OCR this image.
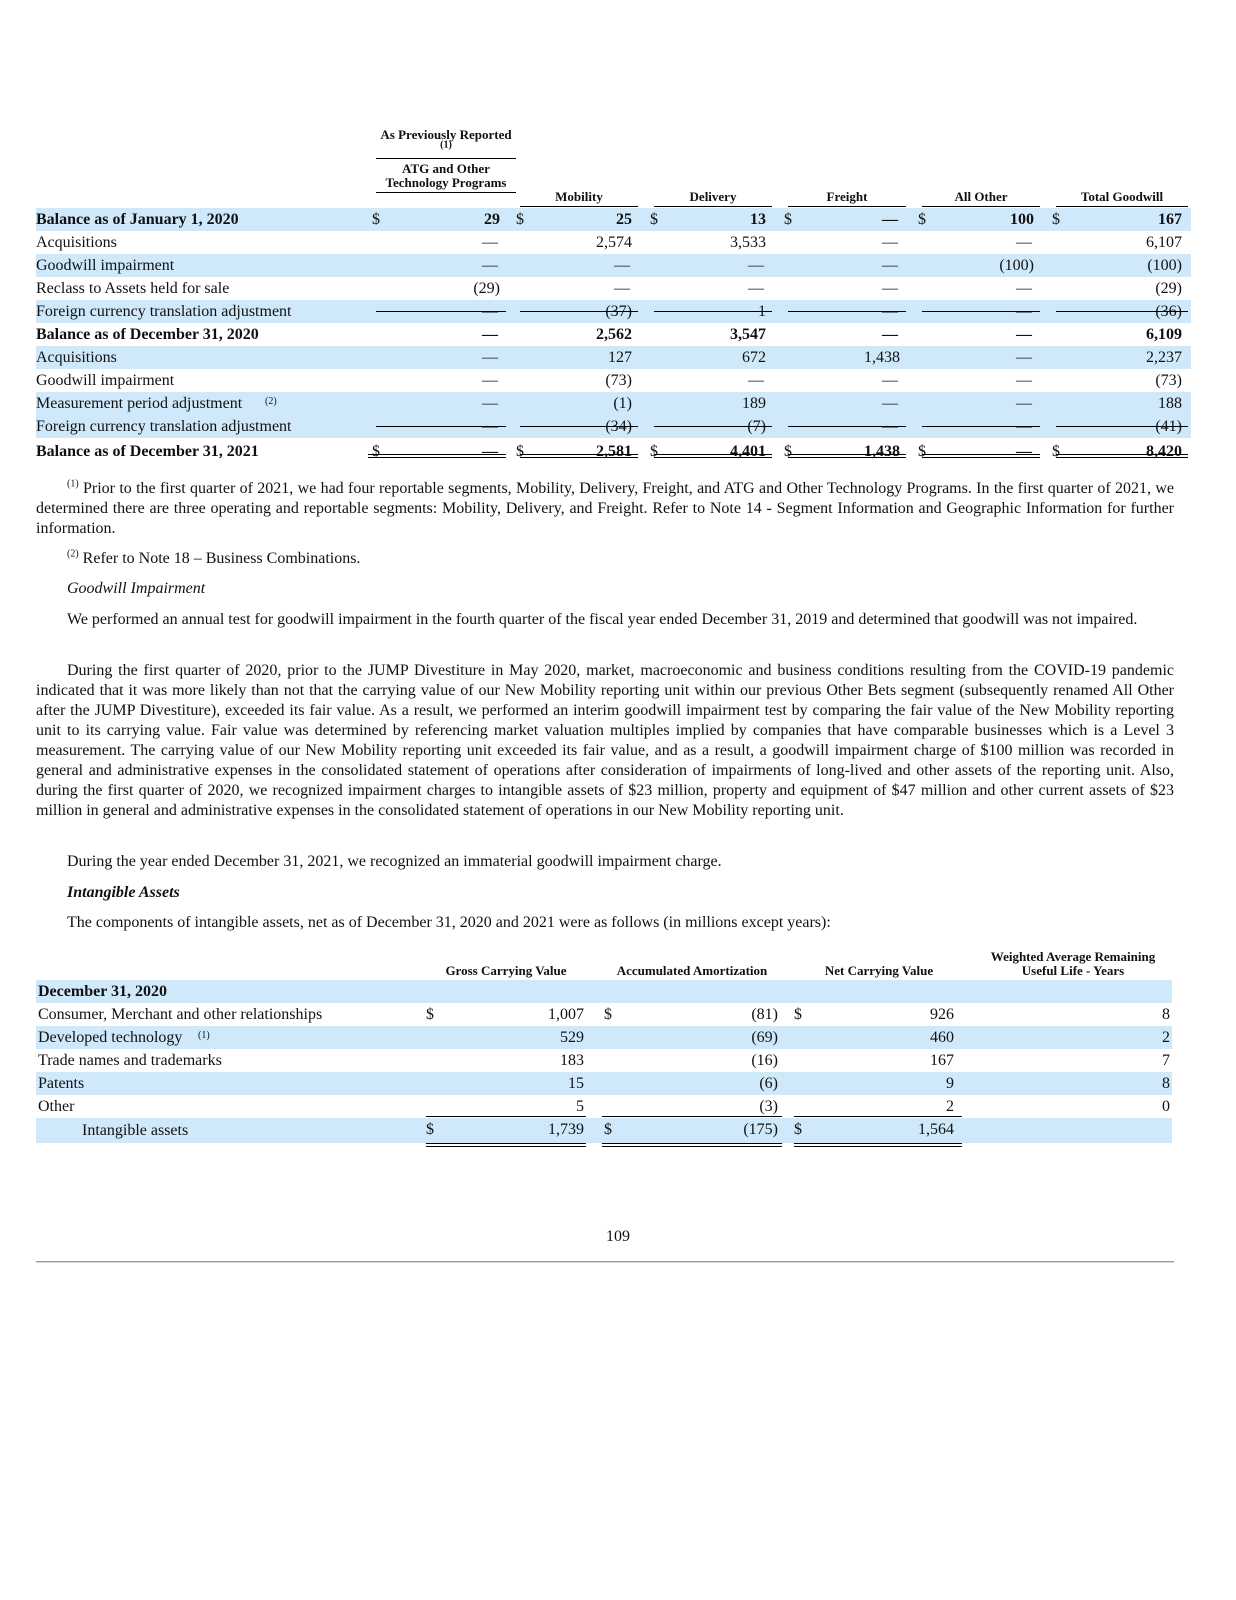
As Previously Reported $^{(1)}$
ATG and Other Technology Programs
Mobility	Delivery	Freight	All Other	Total Goodwill
Balance as of January 1, 2020	$	29 $	25 $	13 $	— $	100 $	167
Acquisitions	—	2,574	3,533	—	—	6,107
Goodwill impairment	—	—	—	—	(100)	(100)
Reclass to Assets held for sale	(29)	—	—	—	—	(29)
Foreign currency translation adjustment	—	(37)	1	—	—	(36)
Balance as of December 31, 2020	—	2,562	3,547	—	—	6,109
Acquisitions	—	127	672	1,438	—	2,237
Goodwill impairment	—	(73)	—	—	—	(73)
Measurement period adjustment (2)	—	(1)	189	—	—	188
Foreign currency translation adjustment	—	(34)	(7)	—	—	(41)
Balance as of December 31, 2021	$	— $	2,581 $	4,401 $	1,438 $	— $	8,420
$^{(1)}$ Prior to the first quarter of 2021, we had four reportable segments, Mobility, Delivery, Freight, and ATG and Other Technology Programs. In the first quarter of 2021, we determined there are three operating and reportable segments: Mobility, Delivery, and Freight. Refer to Note 14 - Segment Information and Geographic Information for further information.
$^{(2)}$ Refer to Note 18 – Business Combinations.
Goodwill Impairment
We performed an annual test for goodwill impairment in the fourth quarter of the fiscal year ended December 31, 2019 and determined that goodwill was not impaired.
During the first quarter of 2020, prior to the JUMP Divestiture in May 2020, market, macroeconomic and business conditions resulting from the COVID-19 pandemic indicated that it was more likely than not that the carrying value of our New Mobility reporting unit within our previous Other Bets segment (subsequently renamed All Other after the JUMP Divestiture), exceeded its fair value. As a result, we performed an interim goodwill impairment test by comparing the fair value of the New Mobility reporting unit to its carrying value. Fair value was determined by referencing market valuation multiples implied by companies that have comparable businesses which is a Level 3 measurement. The carrying value of our New Mobility reporting unit exceeded its fair value, and as a result, a goodwill impairment charge of $100 million was recorded in general and administrative expenses in the consolidated statement of operations after consideration of impairments of long-lived and other assets of the reporting unit. Also, during the first quarter of 2020, we recognized impairment charges to intangible assets of $23 million, property and equipment of $47 million and other current assets of $23 million in general and administrative expenses in the consolidated statement of operations in our New Mobility reporting unit.
During the year ended December 31, 2021, we recognized an immaterial goodwill impairment charge.
Intangible Assets
The components of intangible assets, net as of December 31, 2020 and 2021 were as follows (in millions except years):
Gross Carrying Value	Accumulated Amortization	Net Carrying Value
Weighted Average Remaining Useful Life - Years
December 31, 2020
Consumer, Merchant and other relationships	$	1,007 $	(81) $	926	8
Developed technology (1)	529	(69)	460	2
Trade names and trademarks	183	(16)	167	7
Patents	15	(6)	9	8
Other	5	(3)	2	0
Intangible assets	$	1,739 $	(175) $	1,564
109
